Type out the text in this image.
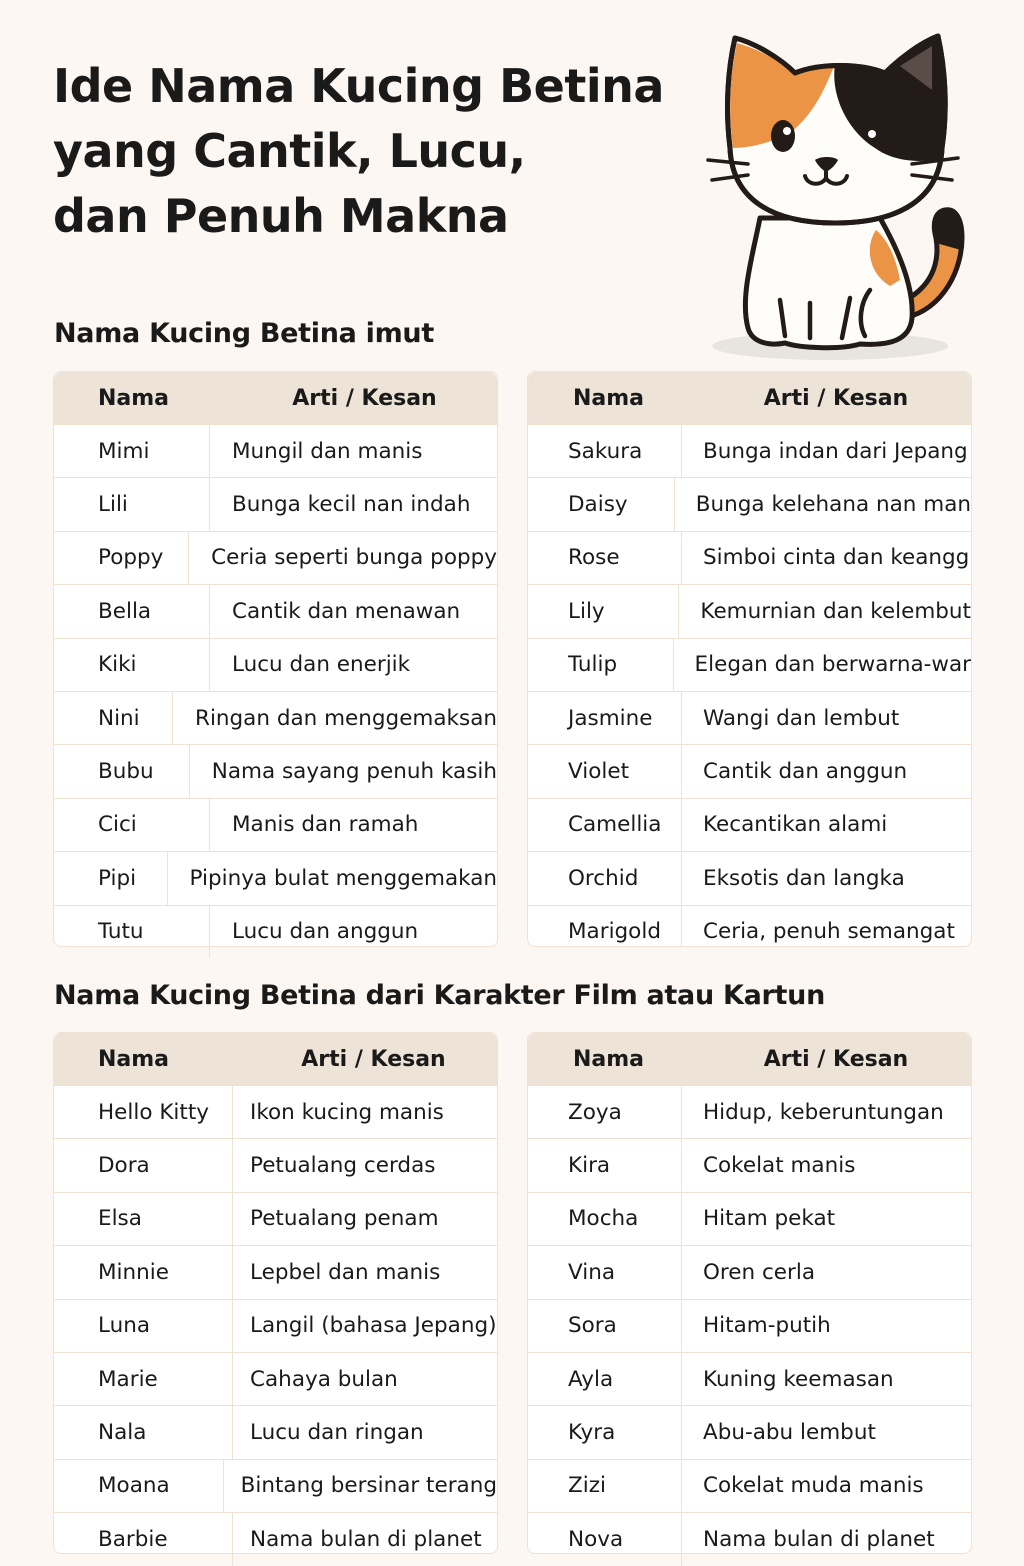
Ide Nama Kucing Betina
yang Cantik, Lucu,
dan Penuh Makna
Nama Kucing Betina imut
Nama	Arti / Kesan
Mimi	Mungil dan manis
Lili	Bunga kecil nan indah
Poppy	Ceria seperti bunga poppy
Bella	Cantik dan menawan
Kiki	Lucu dan enerjik
Nini	Ringan dan menggemaksan
Bubu	Nama sayang penuh kasih
Cici	Manis dan ramah
Pipi	Pipinya bulat menggemakan
Tutu	Lucu dan anggun
Nama	Arti / Kesan
Sakura	Bunga indan dari Jepang
Daisy	Bunga kelehana nan man
Rose	Simboi cinta dan keangg
Lily	Kemurnian dan kelembut
Tulip	Elegan dan berwarna-war
Jasmine	Wangi dan lembut
Violet	Cantik dan anggun
Camellia	Kecantikan alami
Orchid	Eksotis dan langka
Marigold	Ceria, penuh semangat
Nama Kucing Betina dari Karakter Film atau Kartun
Nama	Arti / Kesan
Hello Kitty	Ikon kucing manis
Dora	Petualang cerdas
Elsa	Petualang penam
Minnie	Lepbel dan manis
Luna	Langil (bahasa Jepang)
Marie	Cahaya bulan
Nala	Lucu dan ringan
Moana	Bintang bersinar terang
Barbie	Nama bulan di planet
Nama	Arti / Kesan
Zoya	Hidup, keberuntungan
Kira	Cokelat manis
Mocha	Hitam pekat
Vina	Oren cerla
Sora	Hitam-putih
Ayla	Kuning keemasan
Kyra	Abu-abu lembut
Zizi	Cokelat muda manis
Nova	Nama bulan di planet
